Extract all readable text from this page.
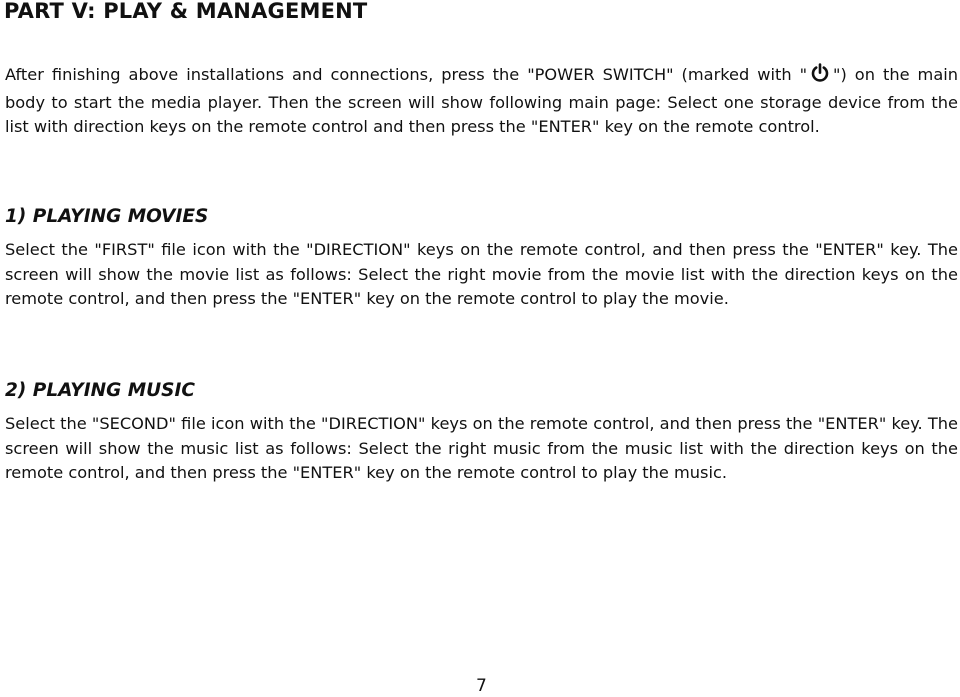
PART V: PLAY & MANAGEMENT

After finishing above installations and connections, press the "POWER SWITCH" (marked with " ") on the main body to start the media player. Then the screen will show following main page: Select one storage device from the list with direction keys on the remote control and then press the "ENTER" key on the remote control.

1) PLAYING MOVIES

Select the "FIRST" file icon with the "DIRECTION" keys on the remote control, and then press the "ENTER" key. The screen will show the movie list as follows: Select the right movie from the movie list with the direction keys on the remote control, and then press the "ENTER" key on the remote control to play the movie.

2) PLAYING MUSIC

Select the "SECOND" file icon with the "DIRECTION" keys on the remote control, and then press the "ENTER" key. The screen will show the music list as follows: Select the right music from the music list with the direction keys on the remote control, and then press the "ENTER" key on the remote control to play the music.

7
